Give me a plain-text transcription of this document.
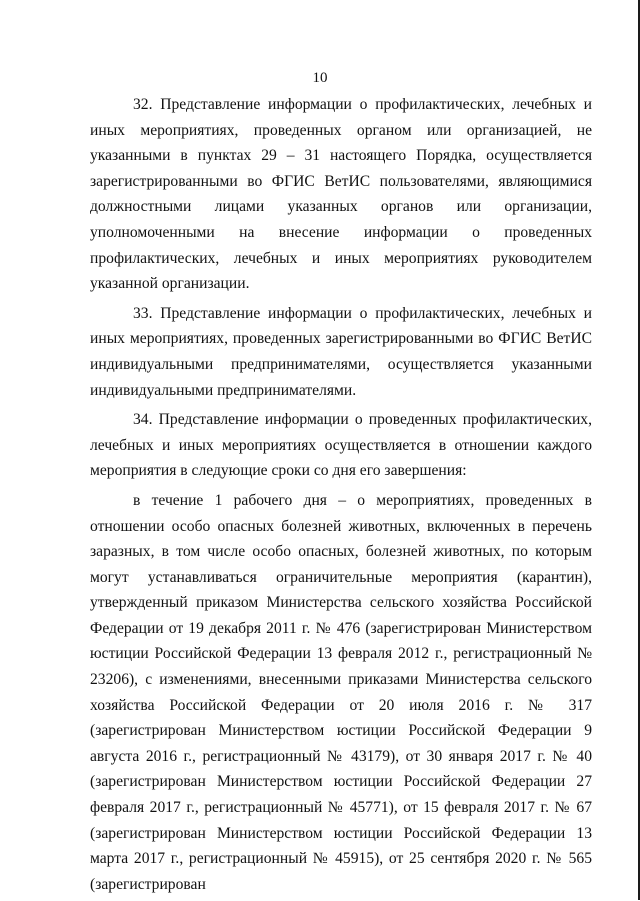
10

32. Представление информации о профилактических, лечебных и иных мероприятиях, проведенных органом или организацией, не указанными в пунктах 29 – 31 настоящего Порядка, осуществляется зарегистрированными во ФГИС ВетИС пользователями, являющимися должностными лицами указанных органов или организации, уполномоченными на внесение информации о проведенных профилактических, лечебных и иных мероприятиях руководителем указанной организации.

33. Представление информации о профилактических, лечебных и иных мероприятиях, проведенных зарегистрированными во ФГИС ВетИС индивидуальными предпринимателями, осуществляется указанными индивидуальными предпринимателями.

34. Представление информации о проведенных профилактических, лечебных и иных мероприятиях осуществляется в отношении каждого мероприятия в следующие сроки со дня его завершения:

в течение 1 рабочего дня – о мероприятиях, проведенных в отношении особо опасных болезней животных, включенных в перечень заразных, в том числе особо опасных, болезней животных, по которым могут устанавливаться ограничительные мероприятия (карантин), утвержденный приказом Министерства сельского хозяйства Российской Федерации от 19 декабря 2011 г. № 476 (зарегистрирован Министерством юстиции Российской Федерации 13 февраля 2012 г., регистрационный № 23206), с изменениями, внесенными приказами Министерства сельского хозяйства Российской Федерации от 20 июля 2016 г. № 317 (зарегистрирован Министерством юстиции Российской Федерации 9 августа 2016 г., регистрационный № 43179), от 30 января 2017 г. № 40 (зарегистрирован Министерством юстиции Российской Федерации 27 февраля 2017 г., регистрационный № 45771), от 15 февраля 2017 г. № 67 (зарегистрирован Министерством юстиции Российской Федерации 13 марта 2017 г., регистрационный № 45915), от 25 сентября 2020 г. № 565 (зарегистрирован
